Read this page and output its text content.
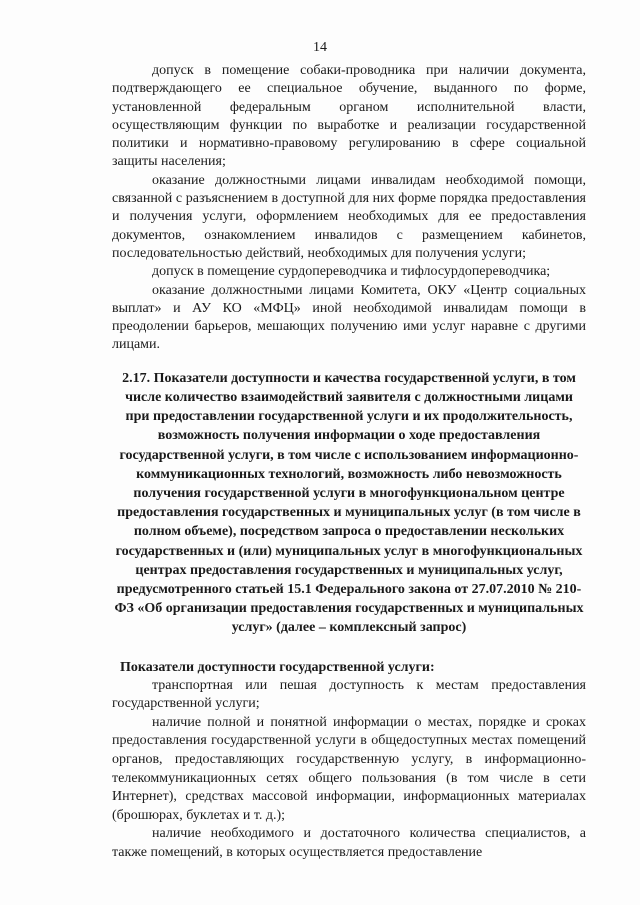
14

допуск в помещение собаки-проводника при наличии документа, подтверждающего ее специальное обучение, выданного по форме, установленной федеральным органом исполнительной власти, осуществляющим функции по выработке и реализации государственной политики и нормативно-правовому регулированию в сфере социальной защиты населения;

оказание должностными лицами инвалидам необходимой помощи, связанной с разъяснением в доступной для них форме порядка предоставления и получения услуги, оформлением необходимых для ее предоставления документов, ознакомлением инвалидов с размещением кабинетов, последовательностью действий, необходимых для получения услуги;

допуск в помещение сурдопереводчика и тифлосурдопереводчика;

оказание должностными лицами Комитета, ОКУ «Центр социальных выплат» и АУ КО «МФЦ» иной необходимой инвалидам помощи в преодолении барьеров, мешающих получению ими услуг наравне с другими лицами.

2.17. Показатели доступности и качества государственной услуги, в том числе количество взаимодействий заявителя с должностными лицами при предоставлении государственной услуги и их продолжительность, возможность получения информации о ходе предоставления государственной услуги, в том числе с использованием информационно-коммуникационных технологий, возможность либо невозможность получения государственной услуги в многофункциональном центре предоставления государственных и муниципальных услуг (в том числе в полном объеме), посредством запроса о предоставлении нескольких государственных и (или) муниципальных услуг в многофункциональных центрах предоставления государственных и муниципальных услуг, предусмотренного статьей 15.1 Федерального закона от 27.07.2010 № 210-ФЗ «Об организации предоставления государственных и муниципальных услуг» (далее – комплексный запрос)

Показатели доступности государственной услуги:

транспортная или пешая доступность к местам предоставления государственной услуги;

наличие полной и понятной информации о местах, порядке и сроках предоставления государственной услуги в общедоступных местах помещений органов, предоставляющих государственную услугу, в информационно-телекоммуникационных сетях общего пользования (в том числе в сети Интернет), средствах массовой информации, информационных материалах (брошюрах, буклетах и т. д.);

наличие необходимого и достаточного количества специалистов, а также помещений, в которых осуществляется предоставление
